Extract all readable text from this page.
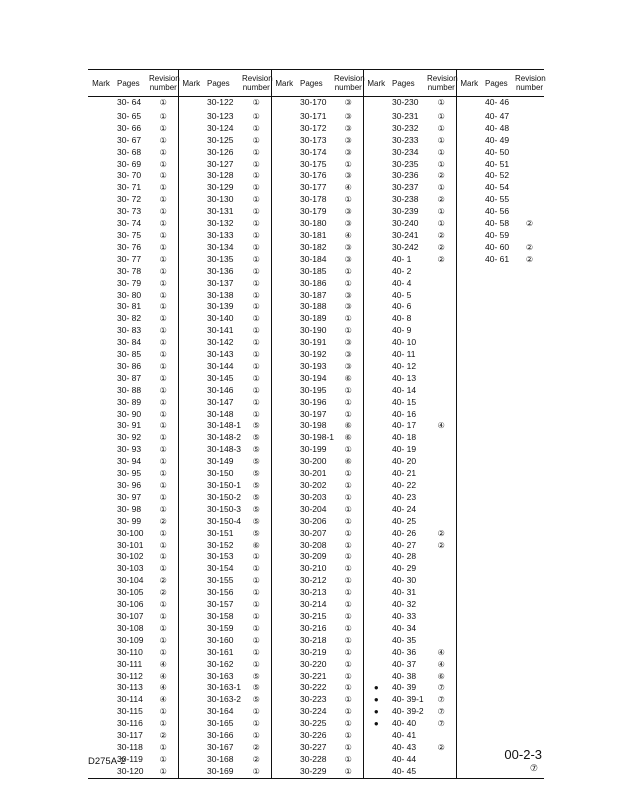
Mark	Pages	Revision number	Mark	Pages	Revision number	Mark	Pages	Revision number	Mark	Pages	Revision number	Mark	Pages	Revision number
	30- 64	①		30-122	①		30-170	③		30-230	①		40- 46	
	30- 65	①		30-123	①		30-171	③		30-231	①		40- 47	
	30- 66	①		30-124	①		30-172	③		30-232	①		40- 48	
	30- 67	①		30-125	①		30-173	③		30-233	①		40- 49	
	30- 68	①		30-126	①		30-174	③		30-234	①		40- 50	
	30- 69	①		30-127	①		30-175	①		30-235	①		40- 51	
	30- 70	①		30-128	①		30-176	③		30-236	②		40- 52	
	30- 71	①		30-129	①		30-177	④		30-237	①		40- 54	
	30- 72	①		30-130	①		30-178	①		30-238	②		40- 55	
	30- 73	①		30-131	①		30-179	③		30-239	①		40- 56	
	30- 74	①		30-132	①		30-180	③		30-240	①		40- 58	②
	30- 75	①		30-133	①		30-181	④		30-241	②		40- 59	
	30- 76	①		30-134	①		30-182	③		30-242	②		40- 60	②
	30- 77	①		30-135	①		30-184	③		40- 1	②		40- 61	②
	30- 78	①		30-136	①		30-185	①		40- 2				
	30- 79	①		30-137	①		30-186	①		40- 4				
	30- 80	①		30-138	①		30-187	③		40- 5				
	30- 81	①		30-139	①		30-188	③		40- 6				
	30- 82	①		30-140	①		30-189	①		40- 8				
	30- 83	①		30-141	①		30-190	①		40- 9				
	30- 84	①		30-142	①		30-191	③		40- 10				
	30- 85	①		30-143	①		30-192	③		40- 11				
	30- 86	①		30-144	①		30-193	③		40- 12				
	30- 87	①		30-145	①		30-194	⑥		40- 13				
	30- 88	①		30-146	①		30-195	①		40- 14				
	30- 89	①		30-147	①		30-196	①		40- 15				
	30- 90	①		30-148	①		30-197	①		40- 16				
	30- 91	①		30-148-1	⑤		30-198	⑥		40- 17	④			
	30- 92	①		30-148-2	⑤		30-198-1	⑥		40- 18				
	30- 93	①		30-148-3	⑤		30-199	①		40- 19				
	30- 94	①		30-149	⑤		30-200	⑥		40- 20				
	30- 95	①		30-150	⑤		30-201	①		40- 21				
	30- 96	①		30-150-1	⑤		30-202	①		40- 22				
	30- 97	①		30-150-2	⑤		30-203	①		40- 23				
	30- 98	①		30-150-3	⑤		30-204	①		40- 24				
	30- 99	②		30-150-4	⑤		30-206	①		40- 25				
	30-100	①		30-151	⑤		30-207	①		40- 26	②			
	30-101	①		30-152	⑥		30-208	①		40- 27	②			
	30-102	①		30-153	①		30-209	①		40- 28				
	30-103	①		30-154	①		30-210	①		40- 29				
	30-104	②		30-155	①		30-212	①		40- 30				
	30-105	②		30-156	①		30-213	①		40- 31				
	30-106	①		30-157	①		30-214	①		40- 32				
	30-107	①		30-158	①		30-215	①		40- 33				
	30-108	①		30-159	①		30-216	①		40- 34				
	30-109	①		30-160	①		30-218	①		40- 35				
	30-110	①		30-161	①		30-219	①		40- 36	④			
	30-111	④		30-162	①		30-220	①		40- 37	④			
	30-112	④		30-163	⑤		30-221	①		40- 38	⑥			
	30-113	④		30-163-1	⑤		30-222	①	●	40- 39	⑦			
	30-114	④		30-163-2	⑤		30-223	①	●	40- 39-1	⑦			
	30-115	①		30-164	①		30-224	①	●	40- 39-2	⑦			
	30-116	①		30-165	①		30-225	①	●	40- 40	⑦			
	30-117	②		30-166	①		30-226	①		40- 41				
	30-118	①		30-167	②		30-227	①		40- 43	②			
	30-119	①		30-168	②		30-228	①		40- 44				
	30-120	①		30-169	①		30-229	①		40- 45				
D275A-2	00-2-3
⑦
